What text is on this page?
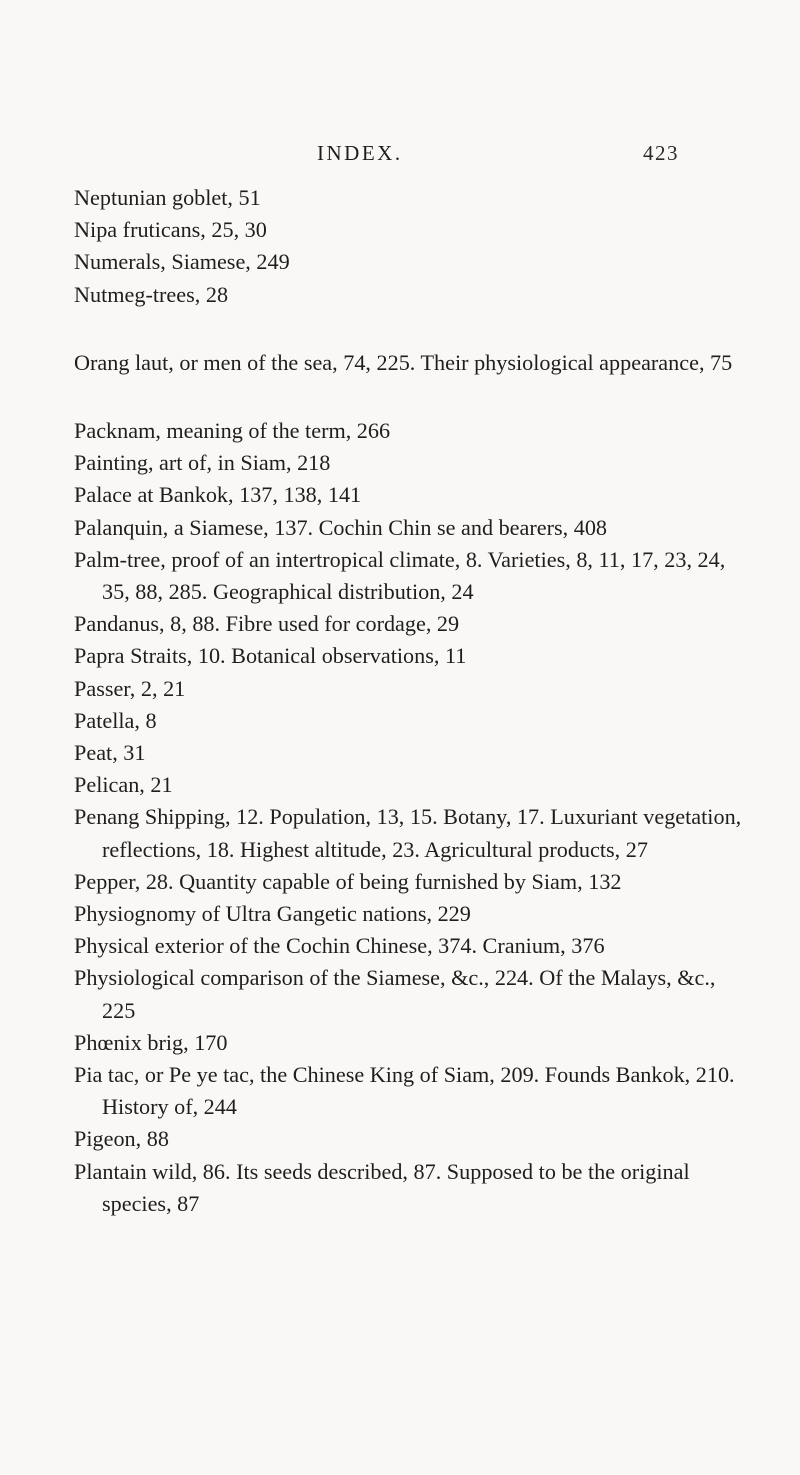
INDEX.	423

Neptunian goblet, 51

Nipa fruticans, 25, 30

Numerals, Siamese, 249

Nutmeg-trees, 28

Orang laut, or men of the sea, 74, 225. Their physiological appearance, 75

Packnam, meaning of the term, 266

Painting, art of, in Siam, 218

Palace at Bankok, 137, 138, 141

Palanquin, a Siamese, 137. Cochin Chin se and bearers, 408

Palm-tree, proof of an intertropical climate, 8. Varieties, 8, 11, 17, 23, 24, 35, 88, 285. Geographical distribution, 24

Pandanus, 8, 88. Fibre used for cordage, 29

Papra Straits, 10. Botanical observations, 11

Passer, 2, 21

Patella, 8

Peat, 31

Pelican, 21

Penang Shipping, 12. Population, 13, 15. Botany, 17. Luxuriant vegetation, reflections, 18. Highest altitude, 23. Agricultural products, 27

Pepper, 28. Quantity capable of being furnished by Siam, 132

Physiognomy of Ultra Gangetic nations, 229

Physical exterior of the Cochin Chinese, 374. Cranium, 376

Physiological comparison of the Siamese, &c., 224. Of the Malays, &c., 225

Phœnix brig, 170

Pia tac, or Pe ye tac, the Chinese King of Siam, 209. Founds Bankok, 210. History of, 244

Pigeon, 88

Plantain wild, 86. Its seeds described, 87. Supposed to be the original species, 87
